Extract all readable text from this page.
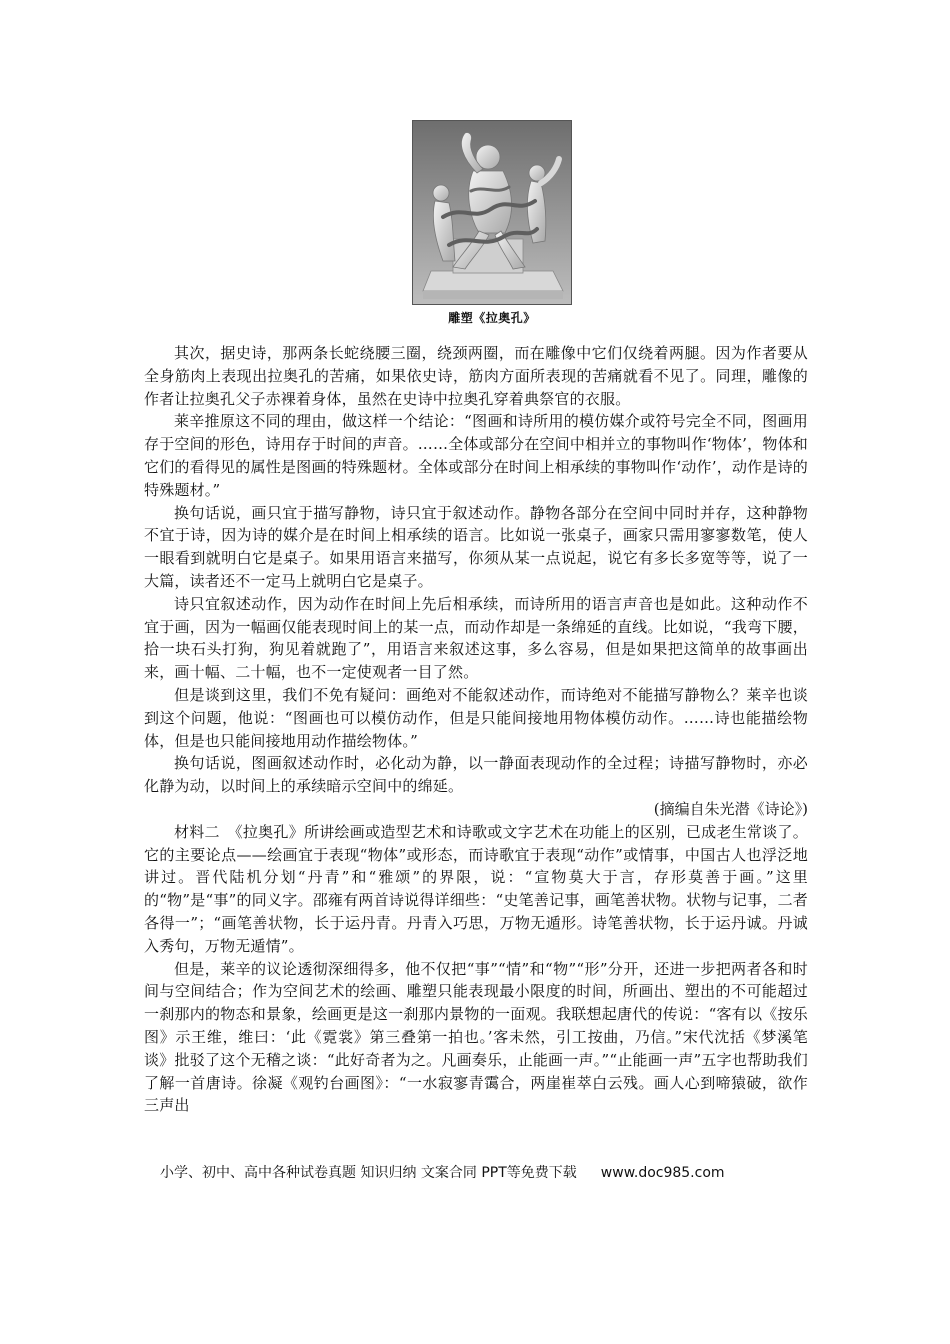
雕塑《拉奥孔》

其次，据史诗，那两条长蛇绕腰三圈，绕颈两圈，而在雕像中它们仅绕着两腿。因为作者要从全身筋肉上表现出拉奥孔的苦痛，如果依史诗，筋肉方面所表现的苦痛就看不见了。同理，雕像的作者让拉奥孔父子赤裸着身体，虽然在史诗中拉奥孔穿着典祭官的衣服。

莱辛推原这不同的理由，做这样一个结论：“图画和诗所用的模仿媒介或符号完全不同，图画用存于空间的形色，诗用存于时间的声音。……全体或部分在空间中相并立的事物叫作‘物体’，物体和它们的看得见的属性是图画的特殊题材。全体或部分在时间上相承续的事物叫作‘动作’，动作是诗的特殊题材。”

换句话说，画只宜于描写静物，诗只宜于叙述动作。静物各部分在空间中同时并存，这种静物不宜于诗，因为诗的媒介是在时间上相承续的语言。比如说一张桌子，画家只需用寥寥数笔，使人一眼看到就明白它是桌子。如果用语言来描写，你须从某一点说起，说它有多长多宽等等，说了一大篇，读者还不一定马上就明白它是桌子。

诗只宜叙述动作，因为动作在时间上先后相承续，而诗所用的语言声音也是如此。这种动作不宜于画，因为一幅画仅能表现时间上的某一点，而动作却是一条绵延的直线。比如说，“我弯下腰，拾一块石头打狗，狗见着就跑了”，用语言来叙述这事，多么容易，但是如果把这简单的故事画出来，画十幅、二十幅，也不一定使观者一目了然。

但是谈到这里，我们不免有疑问：画绝对不能叙述动作，而诗绝对不能描写静物么？莱辛也谈到这个问题，他说：“图画也可以模仿动作，但是只能间接地用物体模仿动作。……诗也能描绘物体，但是也只能间接地用动作描绘物体。”

换句话说，图画叙述动作时，必化动为静，以一静面表现动作的全过程；诗描写静物时，亦必化静为动，以时间上的承续暗示空间中的绵延。

(摘编自朱光潜《诗论》)

材料二　《拉奥孔》所讲绘画或造型艺术和诗歌或文字艺术在功能上的区别，已成老生常谈了。它的主要论点——绘画宜于表现“物体”或形态，而诗歌宜于表现“动作”或情事，中国古人也浮泛地讲过。晋代陆机分划“丹青”和“雅颂”的界限，说：“宣物莫大于言，存形莫善于画。”这里的“物”是“事”的同义字。邵雍有两首诗说得详细些：“史笔善记事，画笔善状物。状物与记事，二者各得一”；“画笔善状物，长于运丹青。丹青入巧思，万物无遁形。诗笔善状物，长于运丹诚。丹诚入秀句，万物无遁情”。

但是，莱辛的议论透彻深细得多，他不仅把“事”“情”和“物”“形”分开，还进一步把两者各和时间与空间结合；作为空间艺术的绘画、雕塑只能表现最小限度的时间，所画出、塑出的不可能超过一刹那内的物态和景象，绘画更是这一刹那内景物的一面观。我联想起唐代的传说：“客有以《按乐图》示王维，维曰：‘此《霓裳》第三叠第一拍也。’客未然，引工按曲，乃信。”宋代沈括《梦溪笔谈》批驳了这个无稽之谈：“此好奇者为之。凡画奏乐，止能画一声。”“止能画一声”五字也帮助我们了解一首唐诗。徐凝《观钓台画图》：“一水寂寥青霭合，两崖崔萃白云残。画人心到啼猿破，欲作三声出

小学、初中、高中各种试卷真题 知识归纳 文案合同 PPT等免费下载 www.doc985.com
